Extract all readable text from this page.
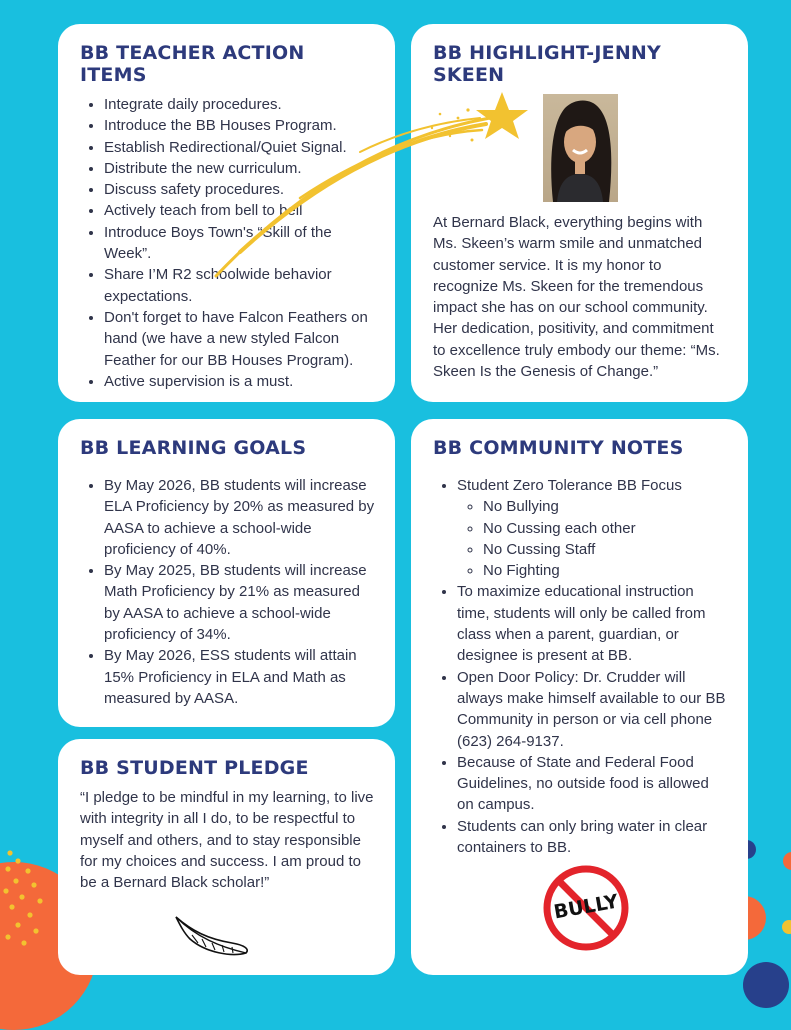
BB TEACHER ACTION ITEMS
• Integrate daily procedures.
• Introduce the BB Houses Program.
• Establish Redirectional/Quiet Signal.
• Distribute the new curriculum.
• Discuss safety procedures.
• Actively teach from bell to bell
• Introduce Boys Town's “Skill of the Week”.
• Share I’M R2 schoolwide behavior expectations.
• Don't forget to have Falcon Feathers on hand (we have a new styled Falcon Feather for our BB Houses Program).
• Active supervision is a must.
BB HIGHLIGHT-JENNY SKEEN

At Bernard Black, everything begins with Ms. Skeen’s warm smile and unmatched customer service. It is my honor to recognize Ms. Skeen for the tremendous impact she has on our school community. Her dedication, positivity, and commitment to excellence truly embody our theme: “Ms. Skeen Is the Genesis of Change.”

BB LEARNING GOALS
• By May 2026, BB students will increase ELA Proficiency by 20% as measured by AASA to achieve a school-wide proficiency of 40%.
• By May 2025, BB students will increase Math Proficiency by 21% as measured by AASA to achieve a school-wide proficiency of 34%.
• By May 2026, ESS students will attain 15% Proficiency in ELA and Math as measured by AASA.
BB COMMUNITY NOTES
• Student Zero Tolerance BB Focus
◦ No Bullying
◦ No Cussing each other
◦ No Cussing Staff
◦ No Fighting
• To maximize educational instruction time, students will only be called from class when a parent, guardian, or designee is present at BB.
• Open Door Policy: Dr. Crudder will always make himself available to our BB Community in person or via cell phone (623) 264-9137.
• Because of State and Federal Food Guidelines, no outside food is allowed on campus.
• Students can only bring water in clear containers to BB.
BULLY
BB STUDENT PLEDGE

“I pledge to be mindful in my learning, to live with integrity in all I do, to be respectful to myself and others, and to stay responsible for my choices and success. I am proud to be a Bernard Black scholar!”
